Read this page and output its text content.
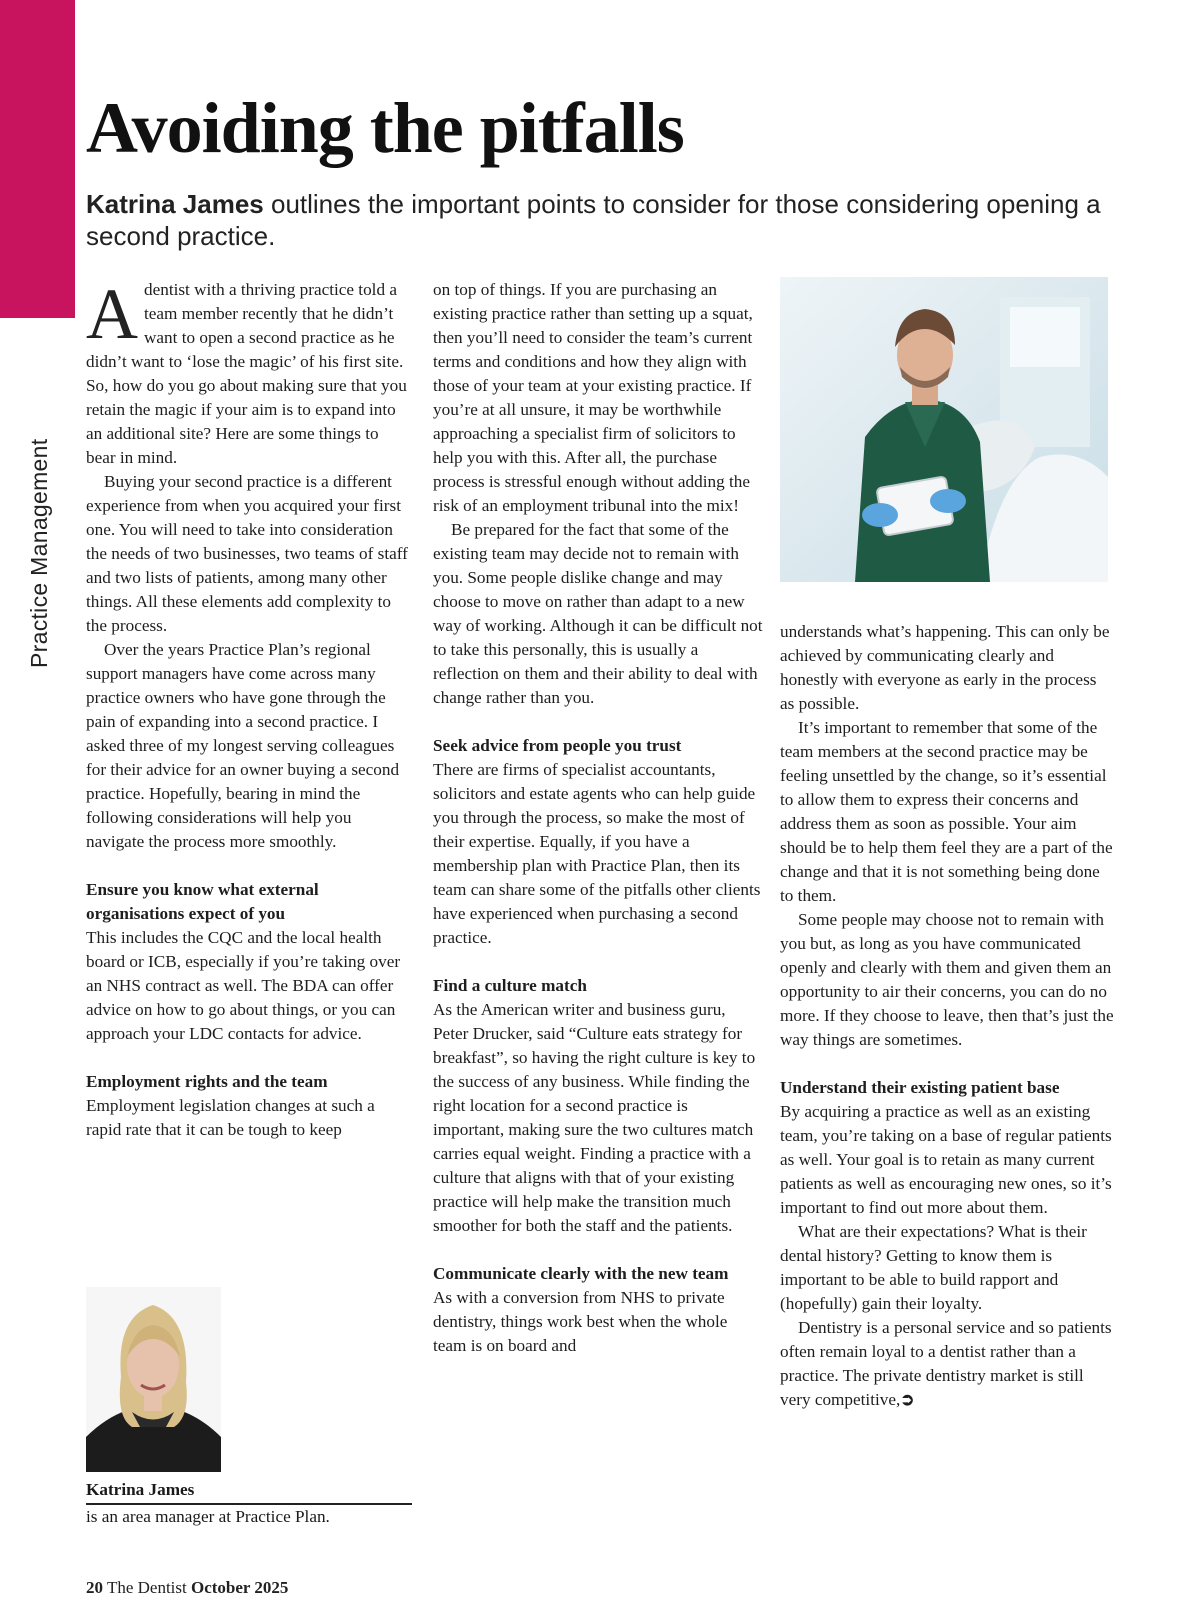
Practice Management
Avoiding the pitfalls
Katrina James outlines the important points to consider for those considering opening a second practice.

Adentist with a thriving practice told a team member recently that he didn’t want to open a second practice as he didn’t want to ‘lose the magic’ of his first site. So, how do you go about making sure that you retain the magic if your aim is to expand into an additional site? Here are some things to bear in mind.

Buying your second practice is a different experience from when you acquired your first one. You will need to take into consideration the needs of two businesses, two teams of staff and two lists of patients, among many other things. All these elements add complexity to the process.

Over the years Practice Plan’s regional support managers have come across many practice owners who have gone through the pain of expanding into a second practice. I asked three of my longest serving colleagues for their advice for an owner buying a second practice. Hopefully, bearing in mind the following considerations will help you navigate the process more smoothly.

Ensure you know what external organisations expect of you

This includes the CQC and the local health board or ICB, especially if you’re taking over an NHS contract as well. The BDA can offer advice on how to go about things, or you can approach your LDC contacts for advice.

Employment rights and the team

Employment legislation changes at such a rapid rate that it can be tough to keep

Katrina James
is an area manager at Practice Plan.

on top of things. If you are purchasing an existing practice rather than setting up a squat, then you’ll need to consider the team’s current terms and conditions and how they align with those of your team at your existing practice. If you’re at all unsure, it may be worthwhile approaching a specialist firm of solicitors to help you with this. After all, the purchase process is stressful enough without adding the risk of an employment tribunal into the mix!

Be prepared for the fact that some of the existing team may decide not to remain with you. Some people dislike change and may choose to move on rather than adapt to a new way of working. Although it can be difficult not to take this personally, this is usually a reflection on them and their ability to deal with change rather than you.

Seek advice from people you trust

There are firms of specialist accountants, solicitors and estate agents who can help guide you through the process, so make the most of their expertise. Equally, if you have a membership plan with Practice Plan, then its team can share some of the pitfalls other clients have experienced when purchasing a second practice.

Find a culture match

As the American writer and business guru, Peter Drucker, said “Culture eats strategy for breakfast”, so having the right culture is key to the success of any business. While finding the right location for a second practice is important, making sure the two cultures match carries equal weight. Finding a practice with a culture that aligns with that of your existing practice will help make the transition much smoother for both the staff and the patients.

Communicate clearly with the new team

As with a conversion from NHS to private dentistry, things work best when the whole team is on board and

understands what’s happening. This can only be achieved by communicating clearly and honestly with everyone as early in the process as possible.

It’s important to remember that some of the team members at the second practice may be feeling unsettled by the change, so it’s essential to allow them to express their concerns and address them as soon as possible. Your aim should be to help them feel they are a part of the change and that it is not something being done to them.

Some people may choose not to remain with you but, as long as you have communicated openly and clearly with them and given them an opportunity to air their concerns, you can do no more. If they choose to leave, then that’s just the way things are sometimes.

Understand their existing patient base

By acquiring a practice as well as an existing team, you’re taking on a base of regular patients as well. Your goal is to retain as many current patients as well as encouraging new ones, so it’s important to find out more about them.

What are their expectations? What is their dental history? Getting to know them is important to be able to build rapport and (hopefully) gain their loyalty.

Dentistry is a personal service and so patients often remain loyal to a dentist rather than a practice. The private dentistry market is still very competitive,➲

20 The Dentist October 2025
